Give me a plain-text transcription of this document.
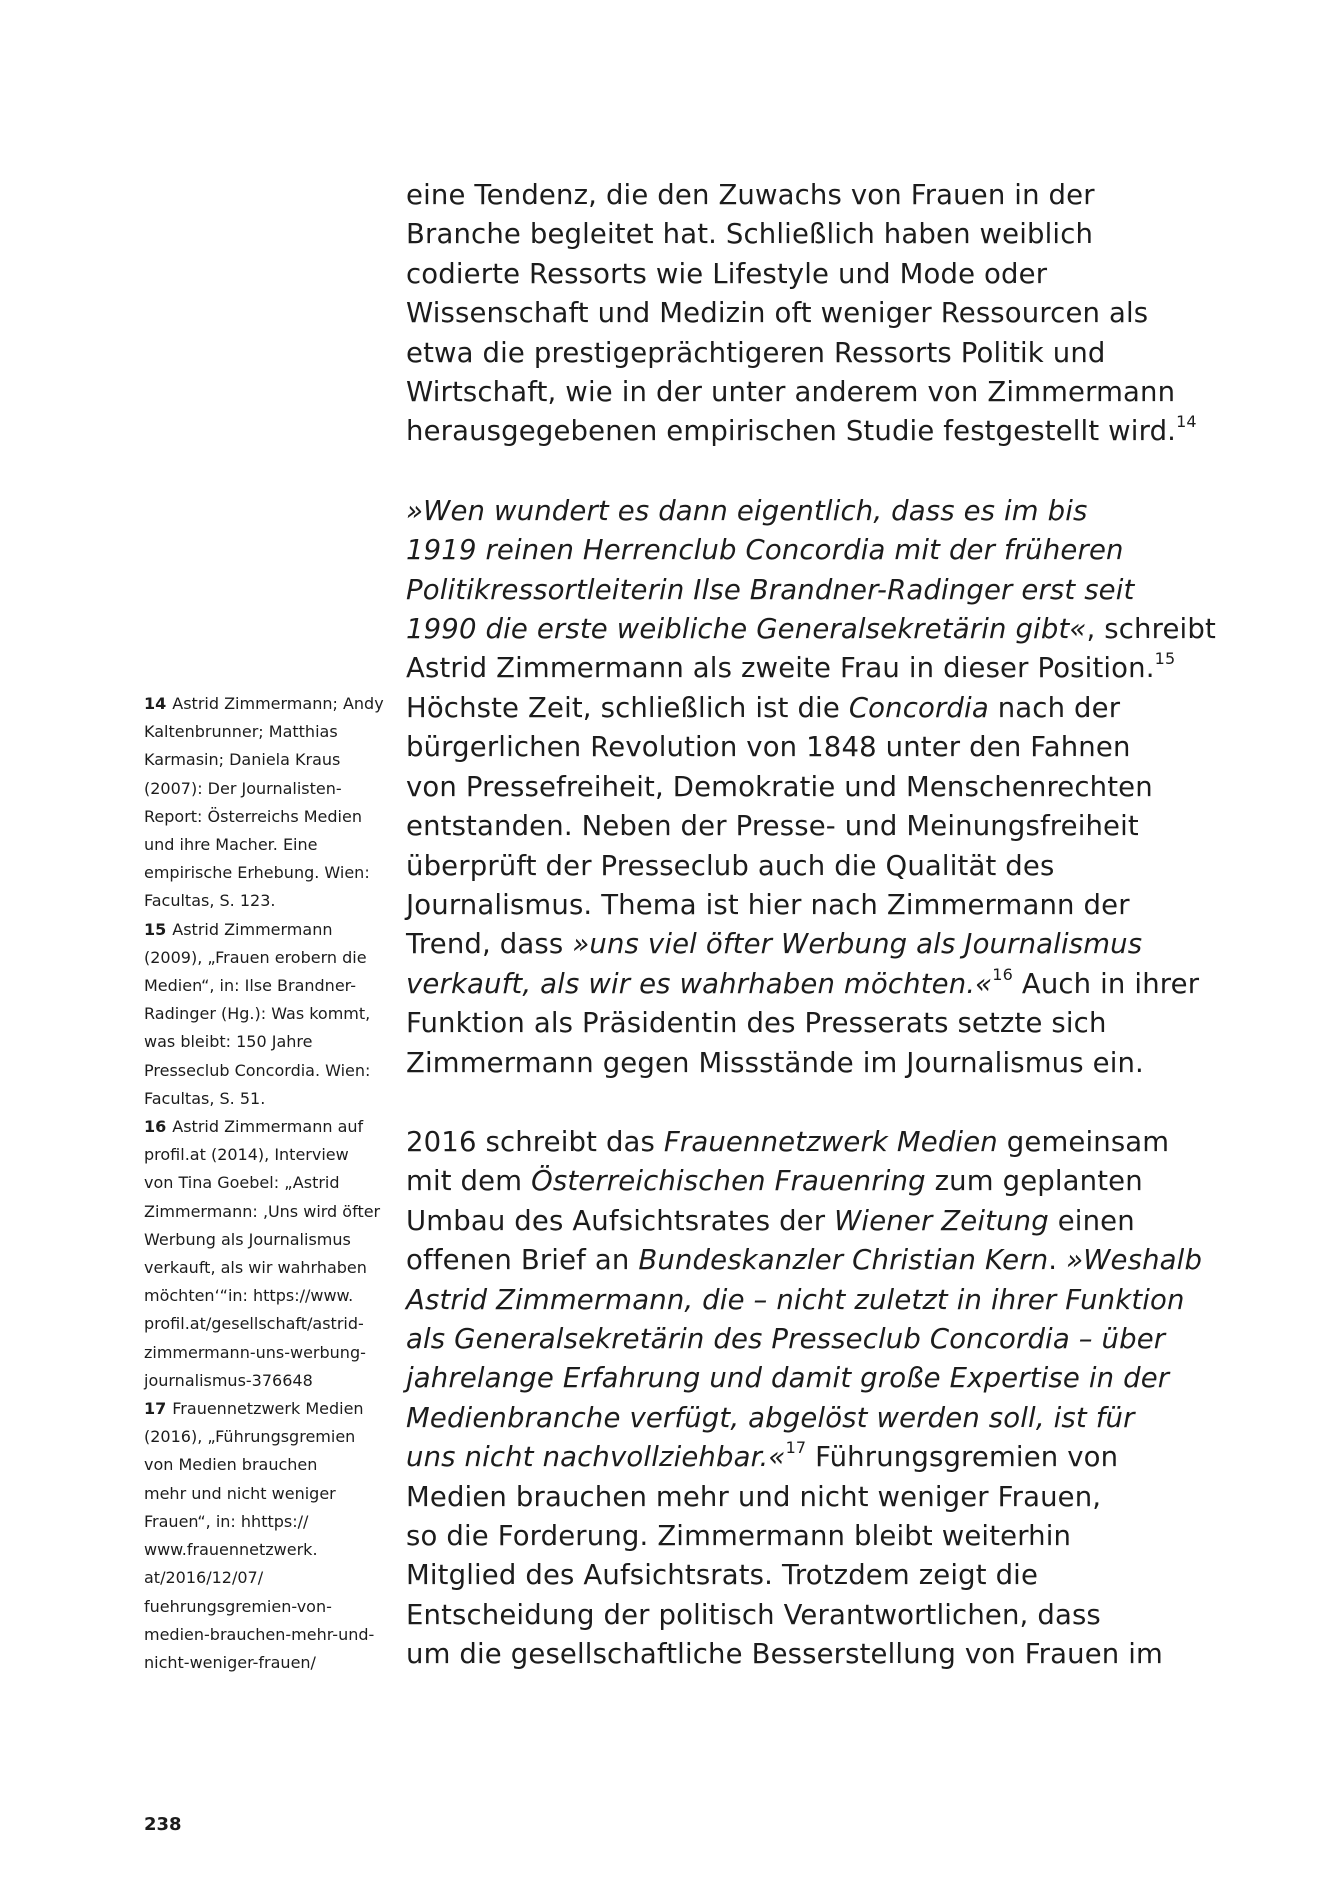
eine Tendenz, die den Zuwachs von Frauen in der
Branche begleitet hat. Schließlich haben weiblich
codierte Ressorts wie Lifestyle und Mode oder
Wissenschaft und Medizin oft weniger Ressourcen als
etwa die prestigeprächtigeren Ressorts Politik und
Wirtschaft, wie in der unter anderem von Zimmermann
herausgegebenen empirischen Studie festgestellt wird.$^{14}$

»Wen wundert es dann eigentlich, dass es im bis
1919 reinen Herrenclub Concordia mit der früheren
Politikressortleiterin Ilse Brandner-Radinger erst seit
1990 die erste weibliche Generalsekretärin gibt«, schreibt
Astrid Zimmermann als zweite Frau in dieser Position.$^{15}$
Höchste Zeit, schließlich ist die Concordia nach der
bürgerlichen Revolution von 1848 unter den Fahnen
von Pressefreiheit, Demokratie und Menschenrechten
entstanden. Neben der Presse- und Meinungsfreiheit
überprüft der Presseclub auch die Qualität des
Journalismus. Thema ist hier nach Zimmermann der
Trend, dass »uns viel öfter Werbung als Journalismus
verkauft, als wir es wahrhaben möchten.«$^{16}$ Auch in ihrer
Funktion als Präsidentin des Presserats setzte sich
Zimmermann gegen Missstände im Journalismus ein.

2016 schreibt das Frauennetzwerk Medien gemeinsam
mit dem Österreichischen Frauenring zum geplanten
Umbau des Aufsichtsrates der Wiener Zeitung einen
offenen Brief an Bundeskanzler Christian Kern. »Weshalb
Astrid Zimmermann, die – nicht zuletzt in ihrer Funktion
als Generalsekretärin des Presseclub Concordia – über
jahrelange Erfahrung und damit große Expertise in der
Medienbranche verfügt, abgelöst werden soll, ist für
uns nicht nachvollziehbar.«$^{17}$ Führungsgremien von
Medien brauchen mehr und nicht weniger Frauen,
so die Forderung. Zimmermann bleibt weiterhin
Mitglied des Aufsichtsrats. Trotzdem zeigt die
Entscheidung der politisch Verantwortlichen, dass
um die gesellschaftliche Besserstellung von Frauen im

14 Astrid Zimmermann; Andy
Kaltenbrunner; Matthias
Karmasin; Daniela Kraus
(2007): Der Journalisten-
Report: Österreichs Medien
und ihre Macher. Eine
empirische Erhebung. Wien:
Facultas, S. 123.
15 Astrid Zimmermann
(2009), „Frauen erobern die
Medien“, in: Ilse Brandner-
Radinger (Hg.): Was kommt,
was bleibt: 150 Jahre
Presseclub Concordia. Wien:
Facultas, S. 51.
16 Astrid Zimmermann auf
profil.at (2014), Interview
von Tina Goebel: „Astrid
Zimmermann: ‚Uns wird öfter
Werbung als Journalismus
verkauft, als wir wahrhaben
möchten‘“in: https://www.
profil.at/gesellschaft/astrid-
zimmermann-uns-werbung-
journalismus-376648
17 Frauennetzwerk Medien
(2016), „Führungsgremien
von Medien brauchen
mehr und nicht weniger
Frauen“, in: hhttps://
www.frauennetzwerk.
at/2016/12/07/
fuehrungsgremien-von-
medien-brauchen-mehr-und-
nicht-weniger-frauen/
238
